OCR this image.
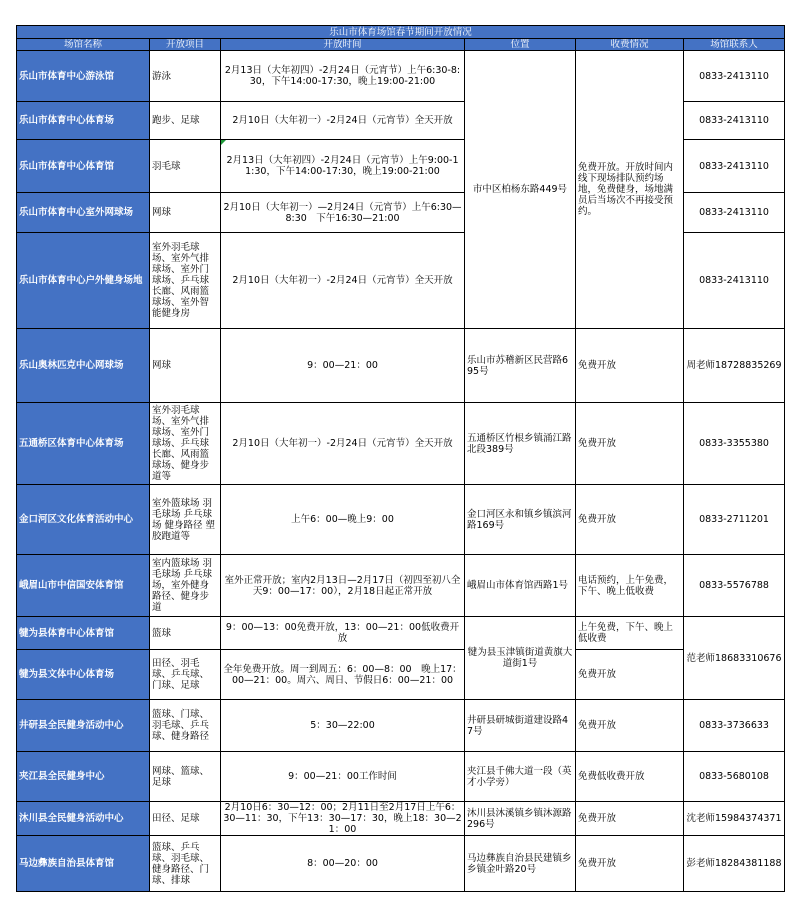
乐山市体育场馆春节期间开放情况					
场馆名称	开放项目	开放时间	位置	收费情况	场馆联系人
乐山市体育中心游泳馆	游泳	2月13日（大年初四）-2月24日（元宵节）上午6:30-8:30，下午14:00-17:30，晚上19:00-21:00	市中区柏杨东路449号	免费开放。开放时间内线下现场排队预约场地，免费健身，场地满员后当场次不再接受预约。	0833-2413110
乐山市体育中心体育场	跑步、足球	2月10日（大年初一）-2月24日（元宵节）全天开放			0833-2413110
乐山市体育中心体育馆	羽毛球	2月13日（大年初四）-2月24日（元宵节）上午9:00-11:30，下午14:00-17:30，晚上19:00-21:00			0833-2413110
乐山市体育中心室外网球场	网球	2月10日（大年初一）—2月24日（元宵节）上午6:30—8:30　下午16:30—21:00			0833-2413110
乐山市体育中心户外健身场地	室外羽毛球场、室外气排球场、室外门球场、乒乓球长廊、风雨篮球场、室外智能健身房	2月10日（大年初一）-2月24日（元宵节）全天开放			0833-2413110
乐山奥林匹克中心网球场	网球	9：00—21：00	乐山市苏稽新区民营路695号	免费开放	周老师18728835269
五通桥区体育中心体育场	室外羽毛球场、室外气排球场、室外门球场、乒乓球长廊、风雨篮球场、健身步道等	2月10日（大年初一）-2月24日（元宵节）全天开放	五通桥区竹根乡镇涌江路北段389号	免费开放	0833-3355380
金口河区文化体育活动中心	室外篮球场 羽毛球场 乒乓球场 健身路径 塑胶跑道等	上午6：00—晚上9：00	金口河区永和镇乡镇滨河路169号	免费开放	0833-2711201
峨眉山市中信国安体育馆	室内篮球场 羽毛球场 乒乓球场，室外健身路径、健身步道	室外正常开放；室内2月13日—2月17日（初四至初八全天9：00—17：00），2月18日起正常开放	峨眉山市体育馆西路1号	电话预约，上午免费，下午、晚上低收费	0833-5576788
犍为县体育中心体育馆	篮球	9：00—13：00免费开放，13：00—21：00低收费开放	犍为县玉津镇街道黄旗大道街1号	上午免费，下午、晚上低收费	范老师18683310676
犍为县文体中心体育场	田径、羽毛球、乒乓球、门球、足球	全年免费开放。周一到周五：6：00—8：00　晚上17：00—21：00。周六、周日、节假日6：00—21：00		免费开放	
井研县全民健身活动中心	篮球、门球、羽毛球、乒乓球、健身路径	5：30—22:00	井研县研城街道建设路47号	免费开放	0833-3736633
夹江县全民健身中心	网球、篮球、足球	9：00—21：00工作时间	夹江县千佛大道一段（英才小学旁）	免费低收费开放	0833-5680108
沐川县全民健身活动中心	田径、足球	2月10日6：30—12：00；2月11日至2月17日上午6：30—11：30，下午13：30—17：30，晚上18：30—21：00	沐川县沐溪镇乡镇沐源路296号	免费开放	沈老师15984374371
马边彝族自治县体育馆	篮球、乒乓球、羽毛球、健身路径、门球、排球	8：00—20：00	马边彝族自治县民建镇乡乡镇金叶路20号	免费开放	彭老师18284381188
